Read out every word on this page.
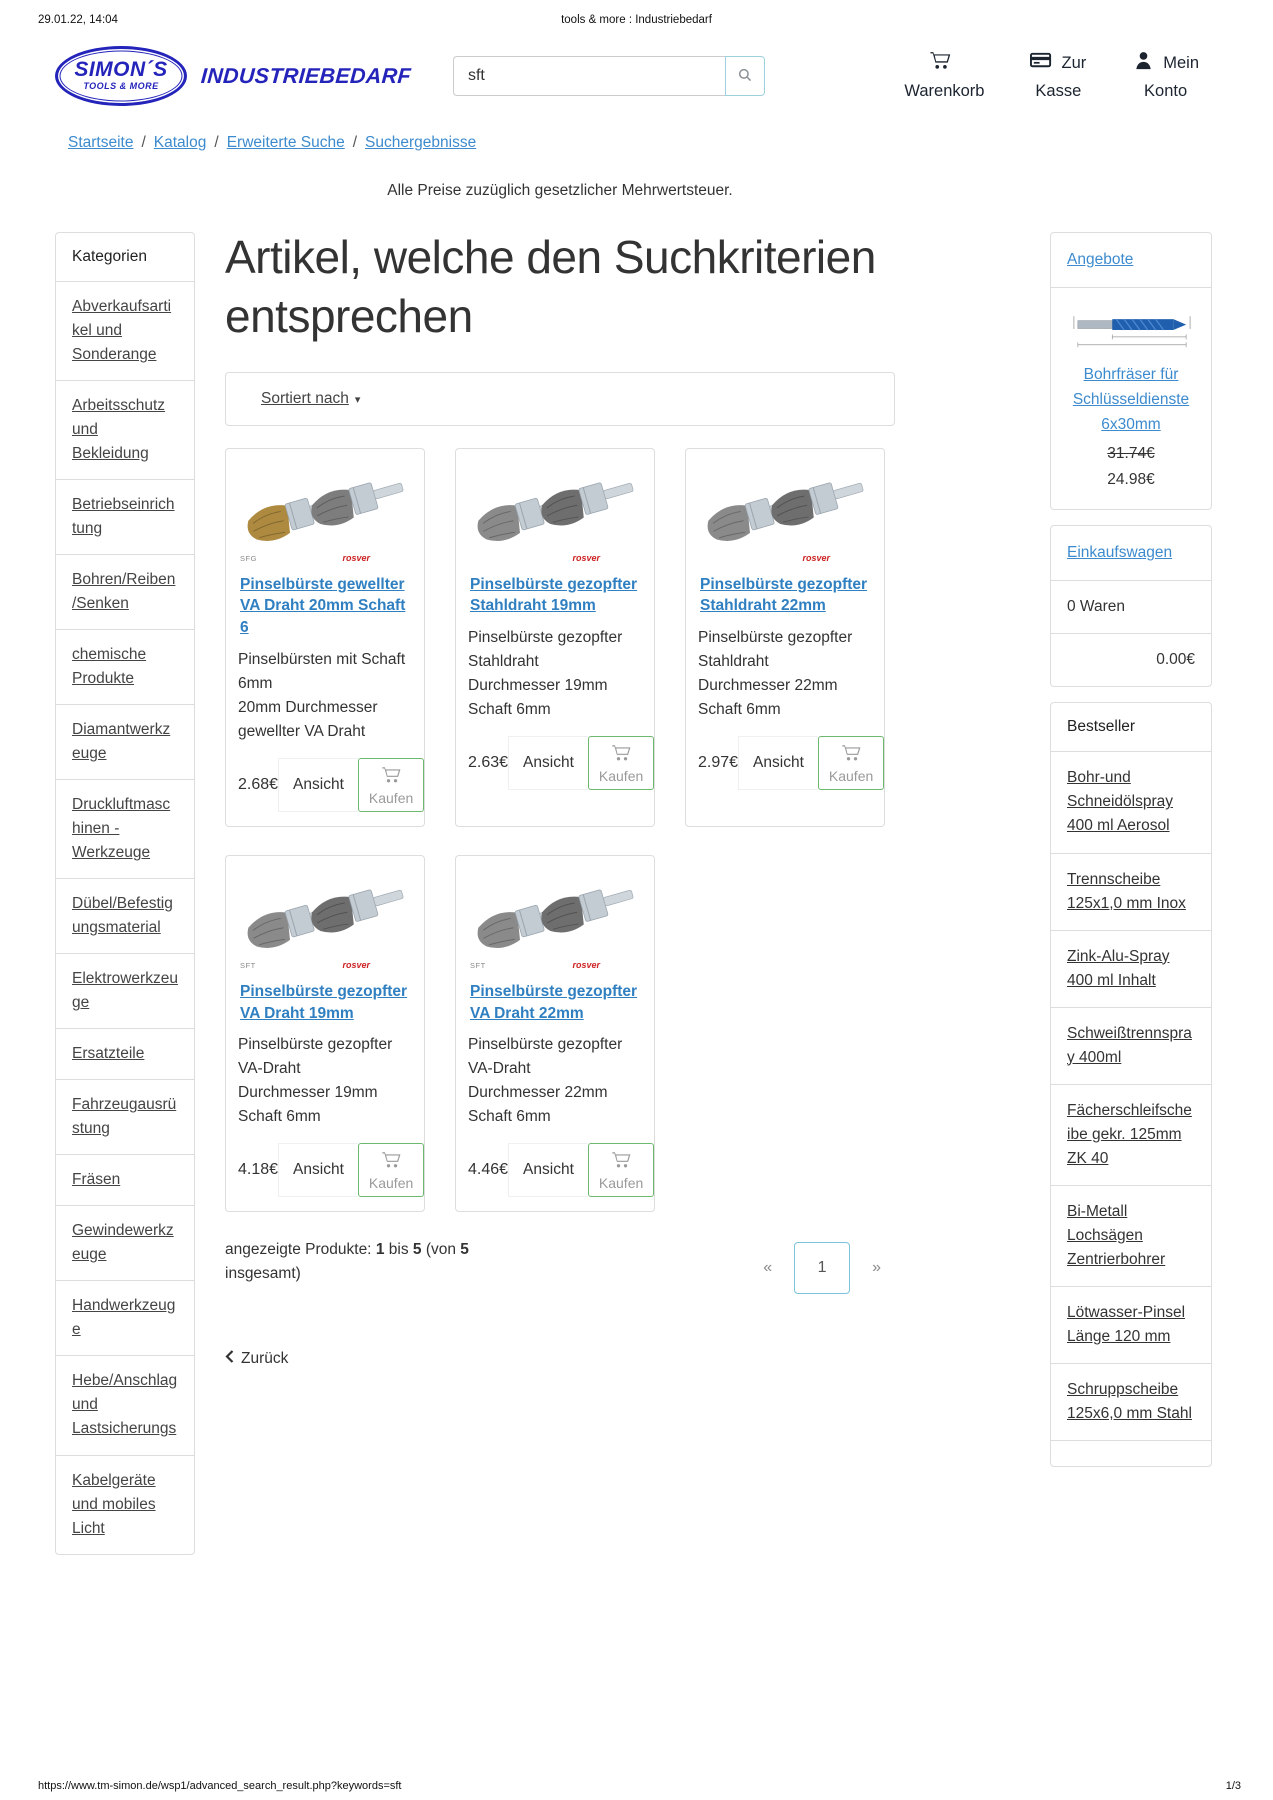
29.01.22, 14:04	tools & more : Industriebedarf
SIMON´S
TOOLS & MORE INDUSTRIEBEDARF
sft
Warenkorb
Zur
Kasse
Mein
Konto
Startseite / Katalog / Erweiterte Suche / Suchergebnisse
Alle Preise zuzüglich gesetzlicher Mehrwertsteuer.
Kategorien
Abverkaufsartikel und Sonderange
Arbeitsschutz und Bekleidung
Betriebseinrichtung
Bohren/Reiben/Senken
chemische Produkte
Diamantwerkzeuge
Druckluftmaschinen - Werkzeuge
Dübel/Befestigungsmaterial
Elektrowerkzeuge
Ersatzteile
Fahrzeugausrüstung
Fräsen
Gewindewerkzeuge
Handwerkzeuge
Hebe/Anschlag und Lastsicherungs
Kabelgeräte und mobiles Licht
Artikel, welche den Suchkriterien entsprechen
Sortiert nach ▾
SFG	rosver
Pinselbürste gewellter VA Draht 20mm Schaft 6
Pinselbürsten mit Schaft 6mm
20mm Durchmesser
gewellter VA Draht
2.68€ Ansicht
Kaufen
rosver
Pinselbürste gezopfter Stahldraht 19mm
Pinselbürste gezopfter Stahldraht
Durchmesser 19mm
Schaft 6mm
2.63€ Ansicht
Kaufen
rosver
Pinselbürste gezopfter Stahldraht 22mm
Pinselbürste gezopfter Stahldraht
Durchmesser 22mm
Schaft 6mm
2.97€ Ansicht
Kaufen
SFT	rosver
Pinselbürste gezopfter VA Draht 19mm
Pinselbürste gezopfter VA-Draht
Durchmesser 19mm
Schaft 6mm
4.18€ Ansicht
Kaufen
SFT	rosver
Pinselbürste gezopfter VA Draht 22mm
Pinselbürste gezopfter VA-Draht
Durchmesser 22mm
Schaft 6mm
4.46€ Ansicht
Kaufen
angezeigte Produkte: 1 bis 5 (von 5 insgesamt)	«	1	»
Zurück
Angebote
Bohrfräser für Schlüsseldienste 6x30mm
31.74€
24.98€
Einkaufswagen
0 Waren
0.00€
Bestseller
Bohr-und Schneidölspray 400 ml Aerosol
Trennscheibe 125x1,0 mm Inox
Zink-Alu-Spray 400 ml Inhalt
Schweißtrennspray 400ml
Fächerschleifscheibe gekr. 125mm ZK 40
Bi-Metall Lochsägen Zentrierbohrer
Lötwasser-Pinsel Länge 120 mm
Schruppscheibe 125x6,0 mm Stahl
https://www.tm-simon.de/wsp1/advanced_search_result.php?keywords=sft	1/3
